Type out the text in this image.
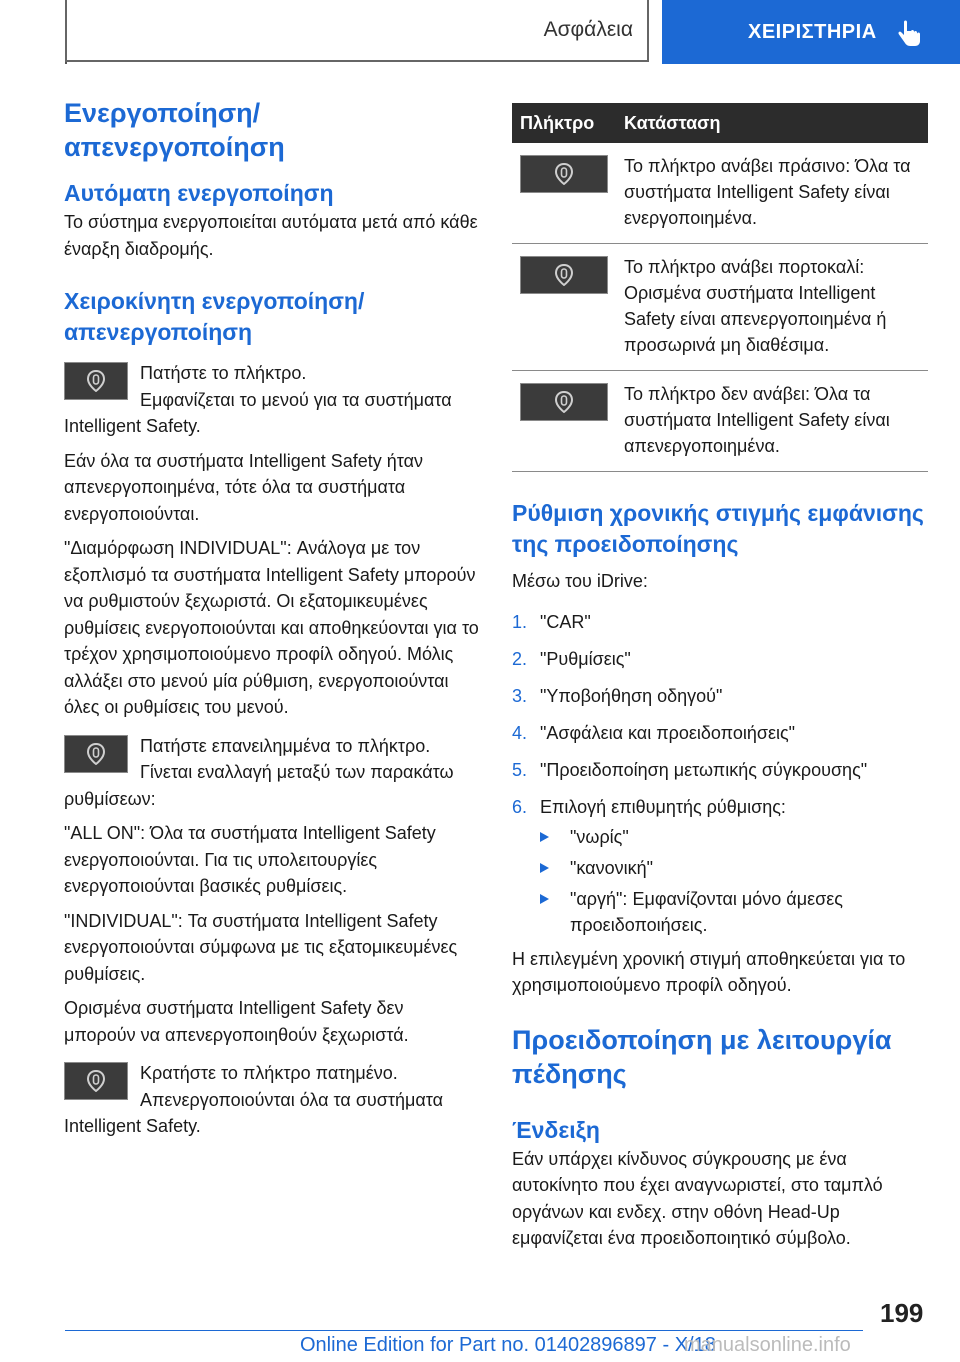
Ασφάλεια	ΧΕΙΡΙΣΤΗΡΙΑ
Ενεργοποίηση/απενεργοποίηση
Αυτόματη ενεργοποίηση

Το σύστημα ενεργοποιείται αυτόματα μετά από κάθε έναρξη διαδρομής.

Χειροκίνητη ενεργοποίηση/απενεργοποίηση

Πατήστε το πλήκτρο.

Εμφανίζεται το μενού για τα συστήματα Intelligent Safety.

Εάν όλα τα συστήματα Intelligent Safety ήταν απενεργοποιημένα, τότε όλα τα συστήματα ενεργοποιούνται.

"Διαμόρφωση INDIVIDUAL": Ανάλογα με τον εξοπλισμό τα συστήματα Intelligent Safety μπορούν να ρυθμιστούν ξεχωριστά. Οι εξατομικευμένες ρυθμίσεις ενεργοποιούνται και αποθηκεύονται για το τρέχον χρησιμοποιούμενο προφίλ οδηγού. Μόλις αλλάξει στο μενού μία ρύθμιση, ενεργοποιούνται όλες οι ρυθμίσεις του μενού.

Πατήστε επανειλημμένα το πλήκτρο.

Γίνεται εναλλαγή μεταξύ των παρακάτω ρυθμίσεων:

"ALL ON": Όλα τα συστήματα Intelligent Safety ενεργοποιούνται. Για τις υπολειτουργίες ενεργοποιούνται βασικές ρυθμίσεις.

"INDIVIDUAL": Τα συστήματα Intelligent Safety ενεργοποιούνται σύμφωνα με τις εξατομικευμένες ρυθμίσεις.

Ορισμένα συστήματα Intelligent Safety δεν μπορούν να απενεργοποιηθούν ξεχωριστά.

Κρατήστε το πλήκτρο πατημένο.

Απενεργοποιούνται όλα τα συστήματα Intelligent Safety.

Πλήκτρο	Κατάσταση

	Το πλήκτρο ανάβει πράσινο: Όλα τα συστήματα Intelligent Safety είναι ενεργοποιημένα.

	Το πλήκτρο ανάβει πορτοκαλί: Ορισμένα συστήματα Intelligent Safety είναι απενεργοποιημένα ή προσωρινά μη διαθέσιμα.

	Το πλήκτρο δεν ανάβει: Όλα τα συστήματα Intelligent Safety είναι απενεργοποιημένα.
Ρύθμιση χρονικής στιγμής εμφάνισης της προειδοποίησης

Μέσω του iDrive:

1. "CAR"
2. "Ρυθμίσεις"
3. "Υποβοήθηση οδηγού"
4. "Ασφάλεια και προειδοποιήσεις"
5. "Προειδοποίηση μετωπικής σύγκρουσης"
6. Επιλογή επιθυμητής ρύθμισης:
"νωρίς"
"κανονική"
"αργή": Εμφανίζονται μόνο άμεσες προειδοποιήσεις.

Η επιλεγμένη χρονική στιγμή αποθηκεύεται για το χρησιμοποιούμενο προφίλ οδηγού.

Προειδοποίηση με λειτουργία πέδησης
Ένδειξη

Εάν υπάρχει κίνδυνος σύγκρουσης με ένα αυτοκίνητο που έχει αναγνωριστεί, στο ταμπλό οργάνων και ενδεχ. στην οθόνη Head-Up εμφανίζεται ένα προειδοποιητικό σύμβολο.

199
Online Edition for Part no. 01402896897 - X/18
manualsonline.info
